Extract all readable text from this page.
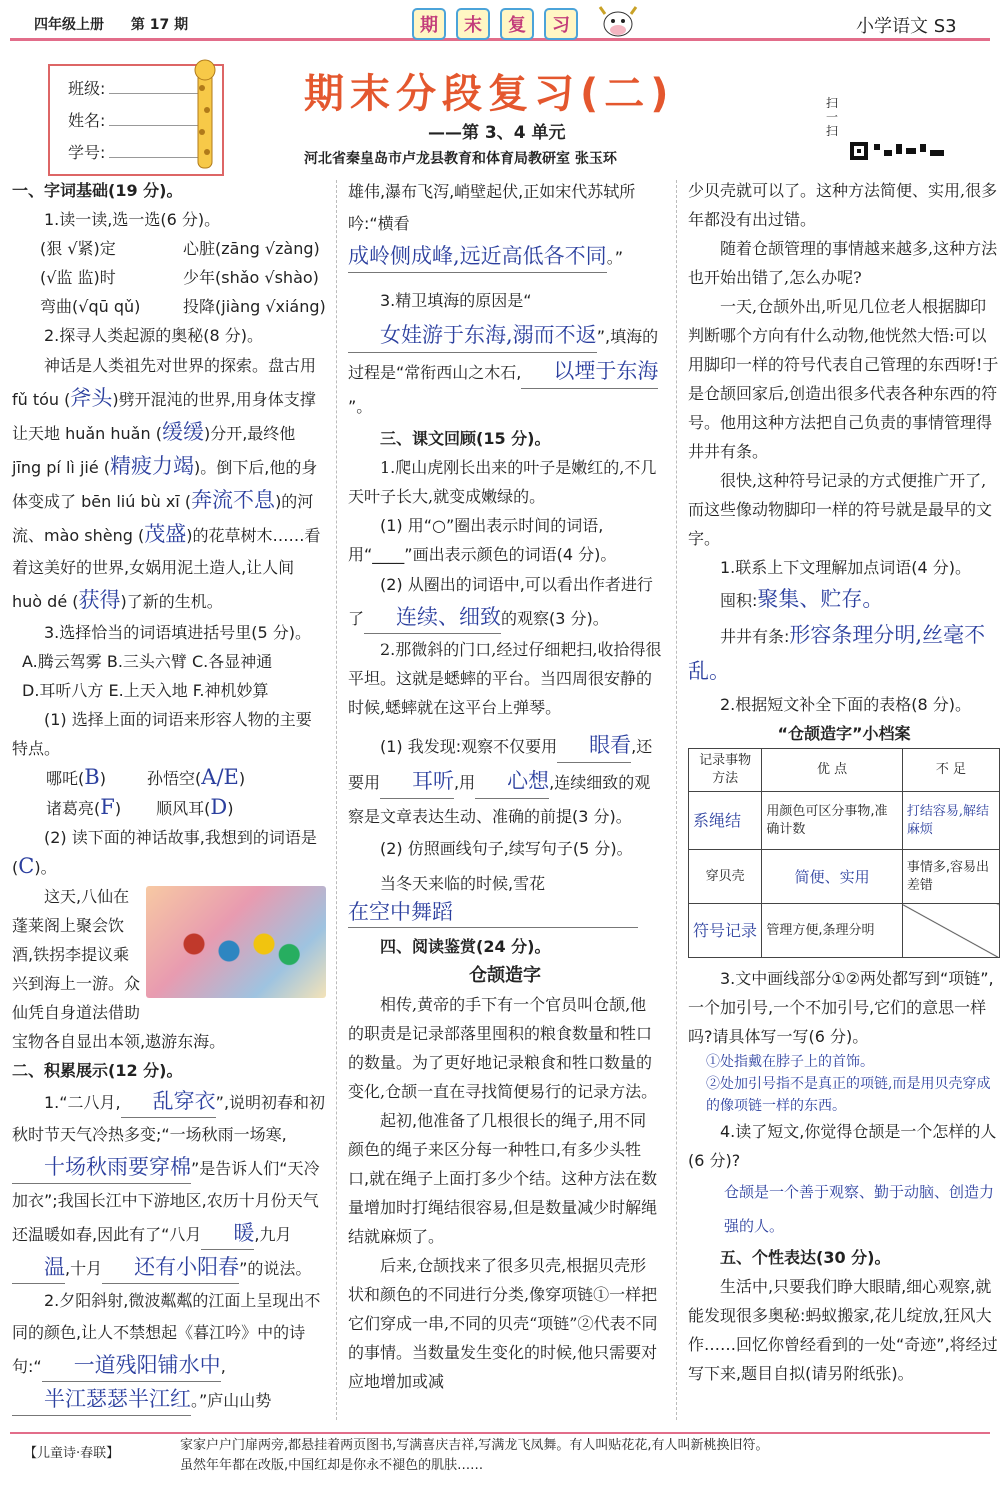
四年级上册 第 17 期	期	末	复	习	小学语文 S3
班级:
姓名:
学号:
期末分段复习(二)
——第 3、4 单元
河北省秦皇岛市卢龙县教育和体育局教研室 张玉环
扫一扫
一、字词基础(19 分)。
1.读一读,选一选(6 分)。
(狠 √紧)定	心脏(zāng √zàng)
(√监 监)时	少年(shǎo √shào)
弯曲(√qū qǔ)	投降(jiàng √xiáng)
2.探寻人类起源的奥秘(8 分)。
神话是人类祖先对世界的探索。盘古用 fǔ tóu (斧头)劈开混沌的世界,用身体支撑让天地 huǎn huǎn (缓缓)分开,最终他 jīng pí lì jié (精疲力竭)。倒下后,他的身体变成了 bēn liú bù xī (奔流不息)的河流、mào shèng (茂盛)的花草树木……看着这美好的世界,女娲用泥土造人,让人间 huò dé (获得)了新的生机。
3.选择恰当的词语填进括号里(5 分)。
A.腾云驾雾 B.三头六臂 C.各显神通
D.耳听八方 E.上天入地 F.神机妙算
(1) 选择上面的词语来形容人物的主要特点。
哪吒(B)	孙悟空(A/E)
诸葛亮(F) 顺风耳(D)
(2) 读下面的神话故事,我想到的词语是(C)。
这天,八仙在蓬莱阁上聚会饮酒,铁拐李提议乘兴到海上一游。众仙凭自身道法借助宝物各自显出本领,遨游东海。
二、积累展示(12 分)。
1.“二八月, 乱穿衣”,说明初春和初秋时节天气冷热多变;“一场秋雨一场寒,十场秋雨要穿棉”是告诉人们“天冷加衣”;我国长江中下游地区,农历十月份天气还温暖如春,因此有了“八月 暖,九月温,十月 还有小阳春”的说法。
2.夕阳斜射,微波粼粼的江面上呈现出不同的颜色,让人不禁想起《暮江吟》中的诗句:“ 一道残阳铺水中,半江瑟瑟半江红。”庐山山势
雄伟,瀑布飞泻,峭壁起伏,正如宋代苏轼所吟:“横看成岭侧成峰,远近高低各不同。”
3.精卫填海的原因是“女娃游于东海,溺而不返”,填海的过程是“常衔西山之木石, 以堙于东海”。
三、课文回顾(15 分)。
1.爬山虎刚长出来的叶子是嫩红的,不几天叶子长大,就变成嫩绿的。
(1) 用“○”圈出表示时间的词语,用“____”画出表示颜色的词语(4 分)。
(2) 从圈出的词语中,可以看出作者进行了 连续、细致的观察(3 分)。
2.那微斜的门口,经过仔细耙扫,收拾得很平坦。这就是蟋蟀的平台。当四周很安静的时候,蟋蟀就在这平台上弹琴。
(1) 我发现:观察不仅要用 眼看,还要用 耳听,用 心想,连续细致的观察是文章表达生动、准确的前提(3 分)。
(2) 仿照画线句子,续写句子(5 分)。
当冬天来临的时候,雪花
在空中舞蹈
四、阅读鉴赏(24 分)。
仓颉造字
相传,黄帝的手下有一个官员叫仓颉,他的职责是记录部落里囤积的粮食数量和牲口的数量。为了更好地记录粮食和牲口数量的变化,仓颉一直在寻找简便易行的记录方法。
起初,他准备了几根很长的绳子,用不同颜色的绳子来区分每一种牲口,有多少头牲口,就在绳子上面打多少个结。这种方法在数量增加时打绳结很容易,但是数量减少时解绳结就麻烦了。
后来,仓颉找来了很多贝壳,根据贝壳形状和颜色的不同进行分类,像穿项链①一样把它们穿成一串,不同的贝壳“项链”②代表不同的事情。当数量发生变化的时候,他只需要对应地增加或减
少贝壳就可以了。这种方法简便、实用,很多年都没有出过错。
随着仓颉管理的事情越来越多,这种方法也开始出错了,怎么办呢?
一天,仓颉外出,听见几位老人根据脚印判断哪个方向有什么动物,他恍然大悟:可以用脚印一样的符号代表自己管理的东西呀!于是仓颉回家后,创造出很多代表各种东西的符号。他用这种方法把自己负责的事情管理得井井有条。
很快,这种符号记录的方式便推广开了,而这些像动物脚印一样的符号就是最早的文字。
1.联系上下文理解加点词语(4 分)。
囤积:聚集、贮存。
井井有条:形容条理分明,丝毫不乱。
2.根据短文补全下面的表格(8 分)。
“仓颉造字”小档案
记录事物方法	优 点	不 足
系绳结	用颜色可区分事物,准确计数	打结容易,解结麻烦
穿贝壳	简便、实用	事情多,容易出差错
符号记录	管理方便,条理分明	
3.文中画线部分①②两处都写到“项链”,一个加引号,一个不加引号,它们的意思一样吗?请具体写一写(6 分)。
①处指戴在脖子上的首饰。
②处加引号指不是真正的项链,而是用贝壳穿成的像项链一样的东西。
4.读了短文,你觉得仓颉是一个怎样的人(6 分)?
仓颉是一个善于观察、勤于动脑、创造力强的人。
五、个性表达(30 分)。
生活中,只要我们睁大眼睛,细心观察,就能发现很多奥秘:蚂蚁搬家,花儿绽放,狂风大作……回忆你曾经看到的一处“奇迹”,将经过写下来,题目自拟(请另附纸张)。
【儿童诗·春联】
家家户户门扉两旁,都悬挂着两页图书,写满喜庆吉祥,写满龙飞凤舞。有人叫贴花花,有人叫新桃换旧符。
虽然年年都在改版,中国红却是你永不褪色的肌肤……
